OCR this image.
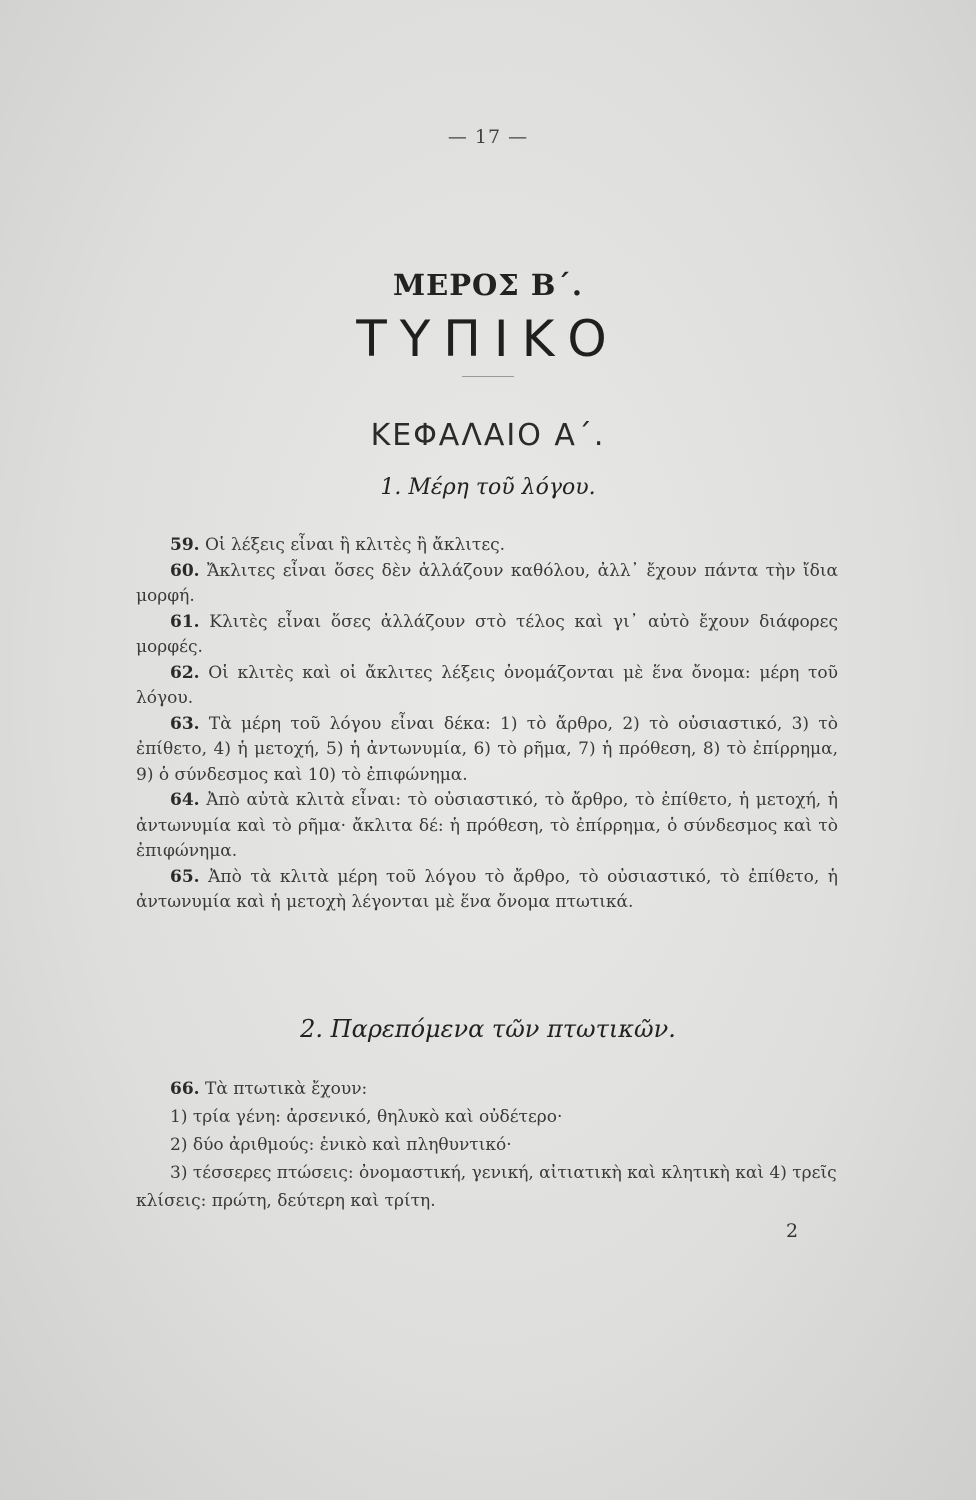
— 17 —
ΜΕΡΟΣ Β΄.
ΤΥΠΙΚΟ
ΚΕΦΑΛΑΙΟ Α΄.
1. Μέρη τοῦ λόγου.

59. Οἱ λέξεις εἶναι ἢ κλιτὲς ἢ ἄκλιτες.

60. Ἄκλιτες εἶναι ὅσες δὲν ἀλλάζουν καθόλου, ἀλλ᾿ ἔχουν πάντα τὴν ἴδια μορφή.

61. Κλιτὲς εἶναι ὅσες ἀλλάζουν στὸ τέλος καὶ γι᾿ αὐτὸ ἔχουν διάφορες μορφές.

62. Οἱ κλιτὲς καὶ οἱ ἄκλιτες λέξεις ὀνομάζονται μὲ ἕνα ὄνομα: μέρη τοῦ λόγου.

63. Τὰ μέρη τοῦ λόγου εἶναι δέκα: 1) τὸ ἄρθρο, 2) τὸ οὐσιαστικό, 3) τὸ ἐπίθετο, 4) ἡ μετοχή, 5) ἡ ἀντωνυμία, 6) τὸ ρῆμα, 7) ἡ πρόθεση, 8) τὸ ἐπίρρημα, 9) ὁ σύνδεσμος καὶ 10) τὸ ἐπιφώνημα.

64. Ἀπὸ αὐτὰ κλιτὰ εἶναι: τὸ οὐσιαστικό, τὸ ἄρθρο, τὸ ἐπίθετο, ἡ μετοχή, ἡ ἀντωνυμία καὶ τὸ ρῆμα· ἄκλιτα δέ: ἡ πρόθεση, τὸ ἐπίρρημα, ὁ σύνδεσμος καὶ τὸ ἐπιφώνημα.

65. Ἀπὸ τὰ κλιτὰ μέρη τοῦ λόγου τὸ ἄρθρο, τὸ οὐσιαστικό, τὸ ἐπίθετο, ἡ ἀντωνυμία καὶ ἡ μετοχὴ λέγονται μὲ ἕνα ὄνομα πτωτικά.

2. Παρεπόμενα τῶν πτωτικῶν.

66. Τὰ πτωτικὰ ἔχουν:

1) τρία γένη: ἀρσενικό, θηλυκὸ καὶ οὐδέτερο·

2) δύο ἀριθμούς: ἑνικὸ καὶ πληθυντικό·

3) τέσσερες πτώσεις: ὀνομαστική, γενική, αἰτιατικὴ καὶ κλητικὴ καὶ 4) τρεῖς κλίσεις: πρώτη, δεύτερη καὶ τρίτη.

2
